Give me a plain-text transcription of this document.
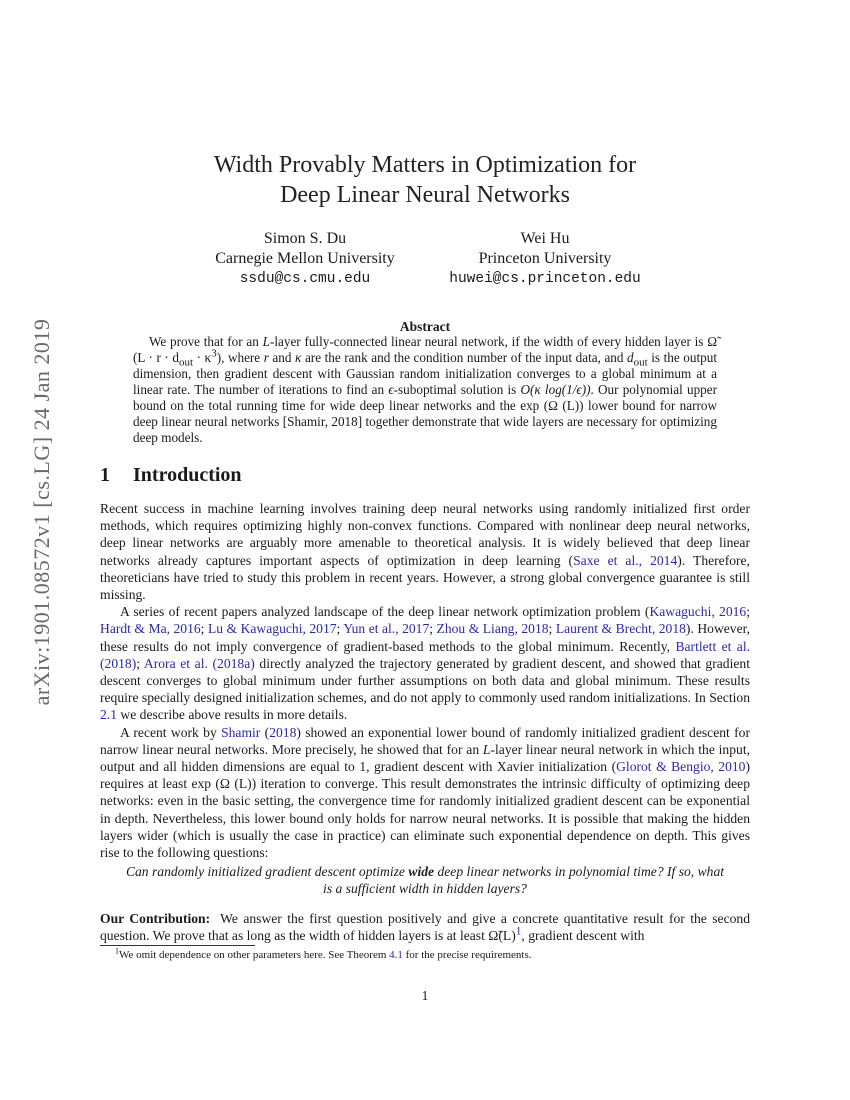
arXiv:1901.08572v1 [cs.LG] 24 Jan 2019
Width Provably Matters in Optimization for
Deep Linear Neural Networks
Simon S. Du
Carnegie Mellon University
ssdu@cs.cmu.edu
Wei Hu
Princeton University
huwei@cs.princeton.edu
Abstract

We prove that for an L-layer fully-connected linear neural network, if the width of every hidden layer is Ω̃ $(L \cdot r \cdot d_{out} \cdot \kappa^3)$, where r and κ are the rank and the condition number of the input data, and $d_{out}$ is the output dimension, then gradient descent with Gaussian random initialization converges to a global minimum at a linear rate. The number of iterations to find an ϵ-suboptimal solution is O(κ log(1/ϵ)). Our polynomial upper bound on the total running time for wide deep linear networks and the exp (Ω (L)) lower bound for narrow deep linear neural networks [Shamir, 2018] together demonstrate that wide layers are necessary for optimizing deep models.

1 Introduction

Recent success in machine learning involves training deep neural networks using randomly initialized first order methods, which requires optimizing highly non-convex functions. Compared with nonlinear deep neural networks, deep linear networks are arguably more amenable to theoretical analysis. It is widely believed that deep linear networks already captures important aspects of optimization in deep learning (Saxe et al., 2014). Therefore, theoreticians have tried to study this problem in recent years. However, a strong global convergence guarantee is still missing.

A series of recent papers analyzed landscape of the deep linear network optimization problem (Kawaguchi, 2016; Hardt & Ma, 2016; Lu & Kawaguchi, 2017; Yun et al., 2017; Zhou & Liang, 2018; Laurent & Brecht, 2018). However, these results do not imply convergence of gradient-based methods to the global minimum. Recently, Bartlett et al. (2018); Arora et al. (2018a) directly analyzed the trajectory generated by gradient descent, and showed that gradient descent converges to global minimum under further assumptions on both data and global minimum. These results require specially designed initialization schemes, and do not apply to commonly used random initializations. In Section 2.1 we describe above results in more details.

A recent work by Shamir (2018) showed an exponential lower bound of randomly initialized gradient descent for narrow linear neural networks. More precisely, he showed that for an L-layer linear neural network in which the input, output and all hidden dimensions are equal to 1, gradient descent with Xavier initialization (Glorot & Bengio, 2010) requires at least exp (Ω (L)) iteration to converge. This result demonstrates the intrinsic difficulty of optimizing deep networks: even in the basic setting, the convergence time for randomly initialized gradient descent can be exponential in depth. Nevertheless, this lower bound only holds for narrow neural networks. It is possible that making the hidden layers wider (which is usually the case in practice) can eliminate such exponential dependence on depth. This gives rise to the following questions:

Can randomly initialized gradient descent optimize wide deep linear networks in polynomial time? If so, what is a sufficient width in hidden layers?

Our Contribution: We answer the first question positively and give a concrete quantitative result for the second question. We prove that as long as the width of hidden layers is at least $\Omegã(L)^1$, gradient descent with

$^1$We omit dependence on other parameters here. See Theorem 4.1 for the precise requirements.
1
